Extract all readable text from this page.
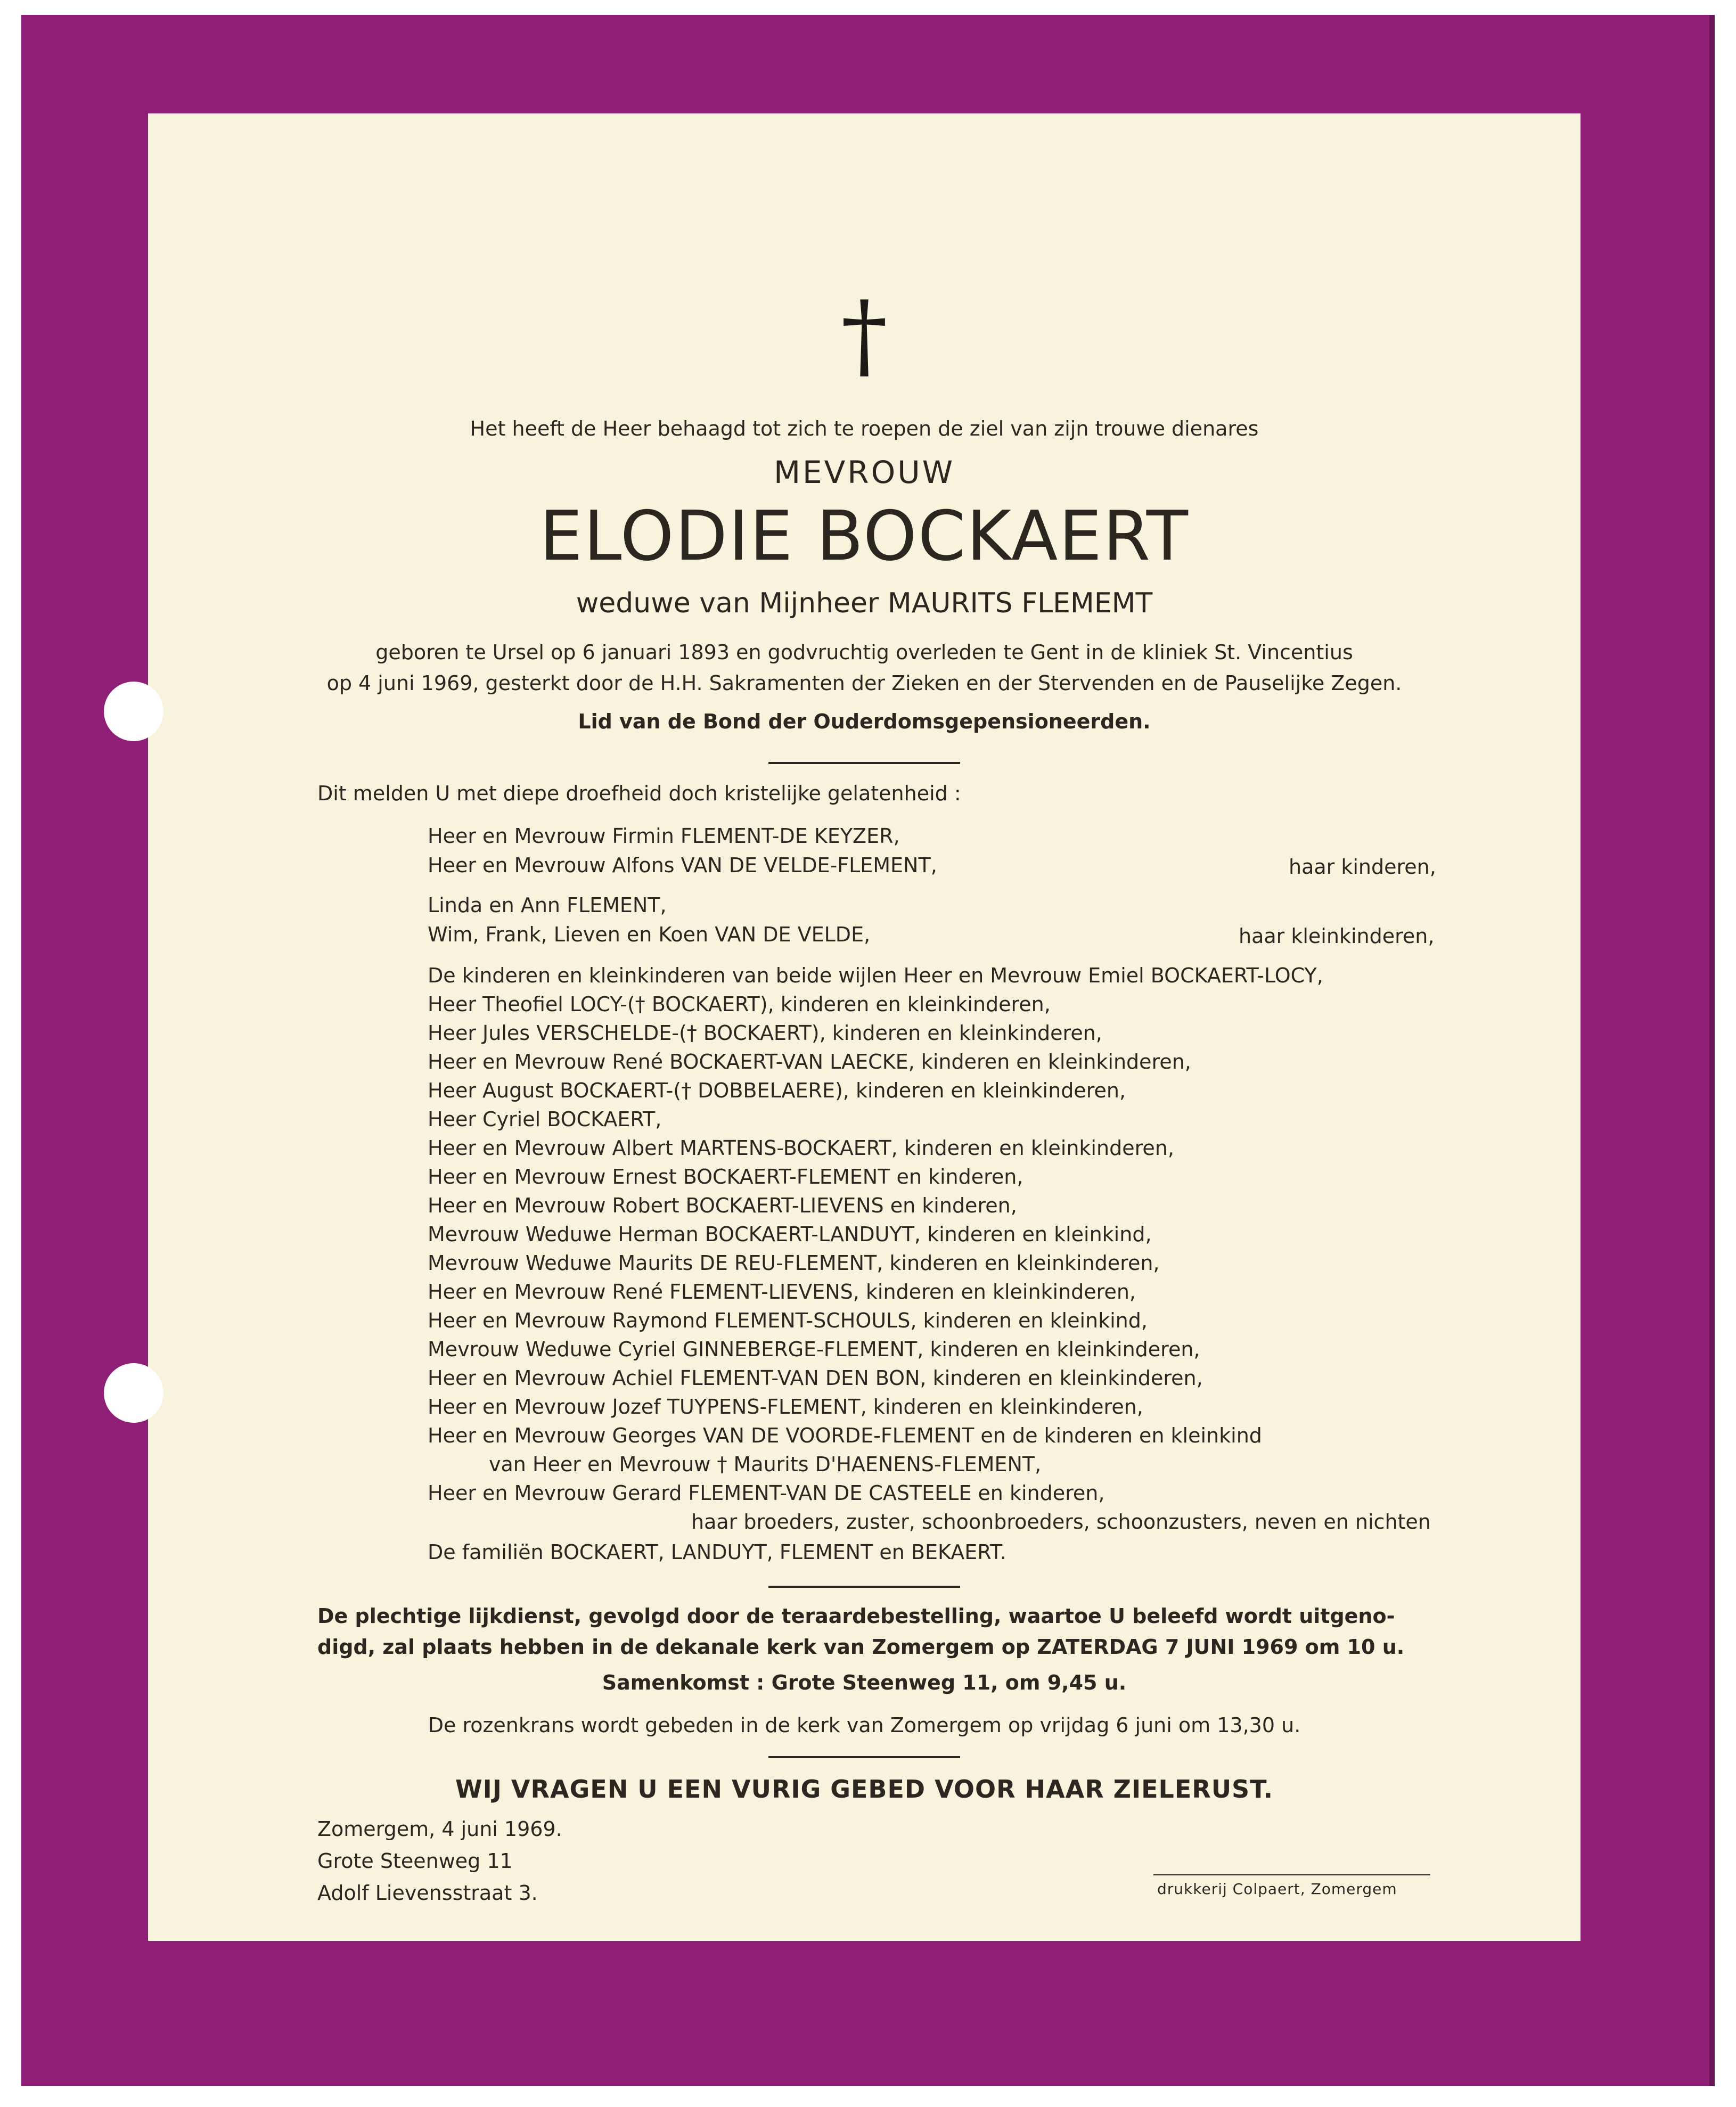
†
Het heeft de Heer behaagd tot zich te roepen de ziel van zijn trouwe dienares
MEVROUW
ELODIE BOCKAERT
weduwe van Mijnheer MAURITS FLEMEMT
geboren te Ursel op 6 januari 1893 en godvruchtig overleden te Gent in de kliniek St. Vincentius
op 4 juni 1969, gesterkt door de H.H. Sakramenten der Zieken en der Stervenden en de Pauselijke Zegen.
Lid van de Bond der Ouderdomsgepensioneerden.
Dit melden U met diepe droefheid doch kristelijke gelatenheid :
Heer en Mevrouw Firmin FLEMENT-DE KEYZER,
Heer en Mevrouw Alfons VAN DE VELDE-FLEMENT,	haar kinderen,
Linda en Ann FLEMENT,
Wim, Frank, Lieven en Koen VAN DE VELDE,	haar kleinkinderen,
De kinderen en kleinkinderen van beide wijlen Heer en Mevrouw Emiel BOCKAERT-LOCY,
Heer Theofiel LOCY-(† BOCKAERT), kinderen en kleinkinderen,
Heer Jules VERSCHELDE-(† BOCKAERT), kinderen en kleinkinderen,
Heer en Mevrouw René BOCKAERT-VAN LAECKE, kinderen en kleinkinderen,
Heer August BOCKAERT-(† DOBBELAERE), kinderen en kleinkinderen,
Heer Cyriel BOCKAERT,
Heer en Mevrouw Albert MARTENS-BOCKAERT, kinderen en kleinkinderen,
Heer en Mevrouw Ernest BOCKAERT-FLEMENT en kinderen,
Heer en Mevrouw Robert BOCKAERT-LIEVENS en kinderen,
Mevrouw Weduwe Herman BOCKAERT-LANDUYT, kinderen en kleinkind,
Mevrouw Weduwe Maurits DE REU-FLEMENT, kinderen en kleinkinderen,
Heer en Mevrouw René FLEMENT-LIEVENS, kinderen en kleinkinderen,
Heer en Mevrouw Raymond FLEMENT-SCHOULS, kinderen en kleinkind,
Mevrouw Weduwe Cyriel GINNEBERGE-FLEMENT, kinderen en kleinkinderen,
Heer en Mevrouw Achiel FLEMENT-VAN DEN BON, kinderen en kleinkinderen,
Heer en Mevrouw Jozef TUYPENS-FLEMENT, kinderen en kleinkinderen,
Heer en Mevrouw Georges VAN DE VOORDE-FLEMENT en de kinderen en kleinkind
van Heer en Mevrouw † Maurits D'HAENENS-FLEMENT,
Heer en Mevrouw Gerard FLEMENT-VAN DE CASTEELE en kinderen,
haar broeders, zuster, schoonbroeders, schoonzusters, neven en nichten
De familiën BOCKAERT, LANDUYT, FLEMENT en BEKAERT.
De plechtige lijkdienst, gevolgd door de teraardebestelling, waartoe U beleefd wordt uitgeno-
digd, zal plaats hebben in de dekanale kerk van Zomergem op ZATERDAG 7 JUNI 1969 om 10 u.
Samenkomst : Grote Steenweg 11, om 9,45 u.
De rozenkrans wordt gebeden in de kerk van Zomergem op vrijdag 6 juni om 13,30 u.
WIJ VRAGEN U EEN VURIG GEBED VOOR HAAR ZIELERUST.
Zomergem, 4 juni 1969.
Grote Steenweg 11
Adolf Lievensstraat 3.	drukkerij Colpaert, Zomergem
